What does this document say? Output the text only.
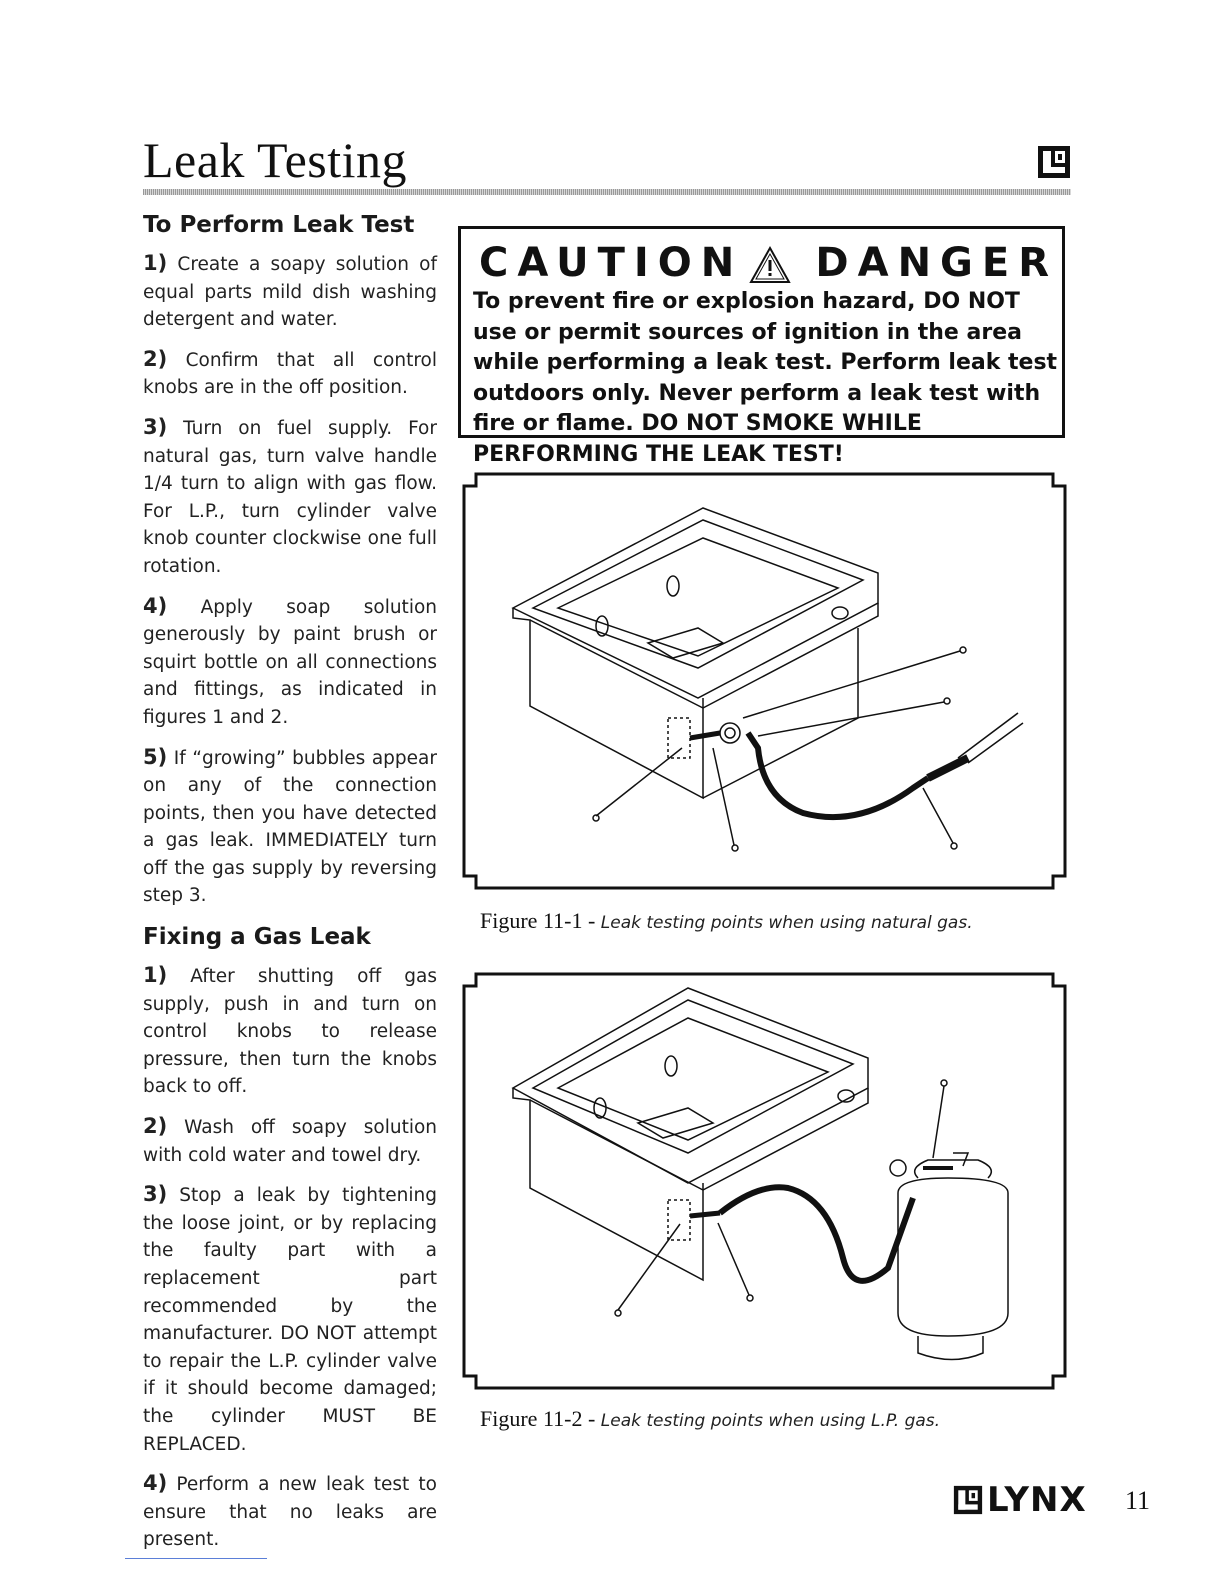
Leak Testing
To Perform Leak Test

1) Create a soapy solution of equal parts mild dish washing detergent and water.

2) Confirm that all control knobs are in the off position.

3) Turn on fuel supply. For natural gas, turn valve handle 1/4 turn to align with gas flow. For L.P., turn cylinder valve knob counter clockwise one full rotation.

4) Apply soap solution generously by paint brush or squirt bottle on all connections and fittings, as indicated in figures 1 and 2.

5) If “growing” bubbles appear on any of the connection points, then you have detected a gas leak. IMMEDIATELY turn off the gas supply by reversing step 3.

Fixing a Gas Leak

1) After shutting off gas supply, push in and turn on control knobs to release pressure, then turn the knobs back to off.

2) Wash off soapy solution with cold water and towel dry.

3) Stop a leak by tightening the loose joint, or by replacing the faulty part with a replacement part recommended by the manufacturer. DO NOT attempt to repair the L.P. cylinder valve if it should become damaged; the cylinder MUST BE REPLACED.

4) Perform a new leak test to ensure that no leaks are present.

CAUTION DANGER
To prevent fire or explosion hazard, DO NOT use or permit sources of ignition in the area while performing a leak test. Perform leak test outdoors only. Never perform a leak test with fire or flame. DO NOT SMOKE WHILE PERFORMING THE LEAK TEST!
Figure 11-1 - Leak testing points when using natural gas.
Figure 11-2 - Leak testing points when using L.P. gas.
LYNX 11
